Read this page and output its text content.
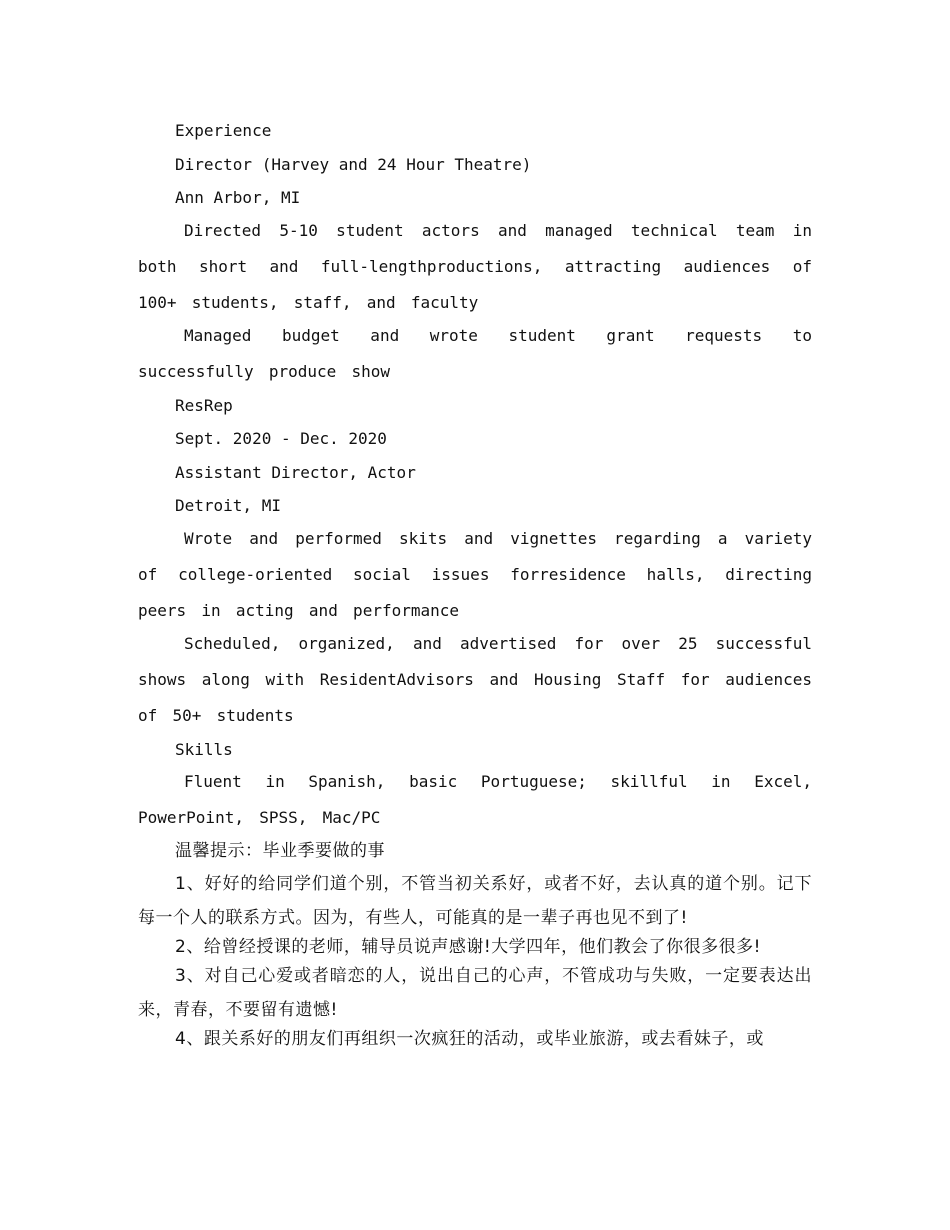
Experience
Director (Harvey and 24 Hour Theatre)
Ann Arbor, MI
Directed 5-10 student actors and managed technical team in both short and full-lengthproductions, attracting audiences of 100+ students, staff, and faculty
Managed budget and wrote student grant requests to successfully produce show
ResRep
Sept. 2020 - Dec. 2020
Assistant Director, Actor
Detroit, MI
Wrote and performed skits and vignettes regarding a variety of college-oriented social issues forresidence halls, directing peers in acting and performance
Scheduled, organized, and advertised for over 25 successful shows along with ResidentAdvisors and Housing Staff for audiences of 50+ students
Skills
Fluent in Spanish, basic Portuguese; skillful in Excel, PowerPoint, SPSS, Mac/PC
温馨提示：毕业季要做的事
1、好好的给同学们道个别，不管当初关系好，或者不好，去认真的道个别。记下每一个人的联系方式。因为，有些人，可能真的是一辈子再也见不到了!
2、给曾经授课的老师，辅导员说声感谢!大学四年，他们教会了你很多很多!
3、对自己心爱或者暗恋的人，说出自己的心声，不管成功与失败，一定要表达出来，青春，不要留有遗憾!
4、跟关系好的朋友们再组织一次疯狂的活动，或毕业旅游，或去看妹子，或
